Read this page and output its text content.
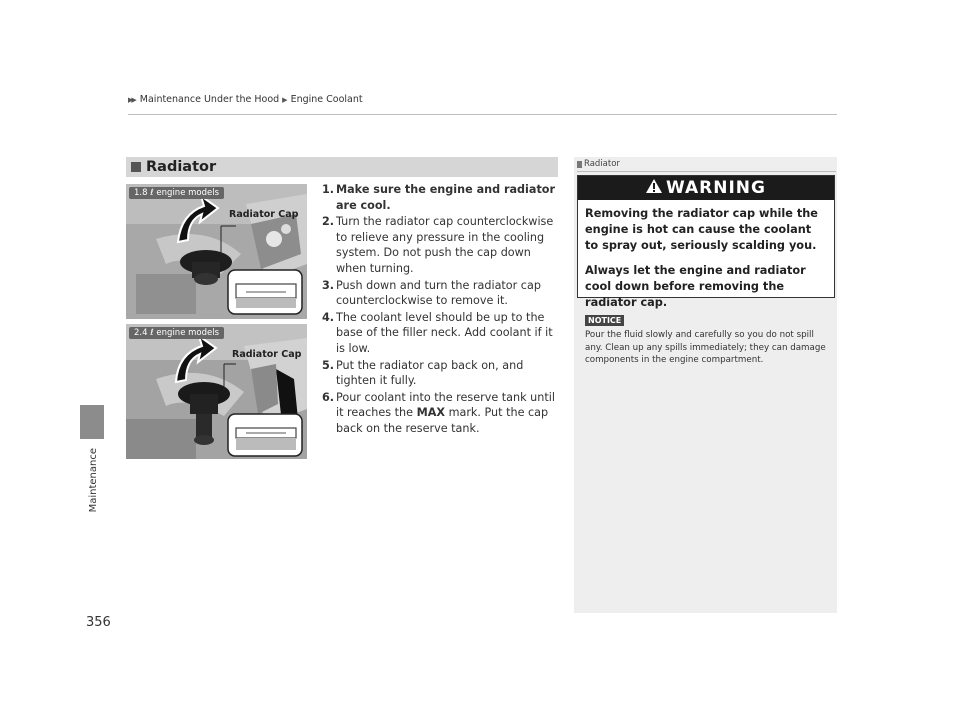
▶▶ Maintenance Under the Hood ▶ Engine Coolant
Maintenance
356
Radiator
1.8 ℓ engine models
Radiator Cap
2.4 ℓ engine models
Radiator Cap
1. Make sure the engine and radiator are cool.
2. Turn the radiator cap counterclockwise to relieve any pressure in the cooling system. Do not push the cap down when turning.
3. Push down and turn the radiator cap counterclockwise to remove it.
4. The coolant level should be up to the base of the filler neck. Add coolant if it is low.
5. Put the radiator cap back on, and tighten it fully.
6. Pour coolant into the reserve tank until it reaches the MAX mark. Put the cap back on the reserve tank.
Radiator
WARNING

Removing the radiator cap while the engine is hot can cause the coolant to spray out, seriously scalding you.

Always let the engine and radiator cool down before removing the radiator cap.

NOTICE
Pour the fluid slowly and carefully so you do not spill any. Clean up any spills immediately; they can damage components in the engine compartment.
